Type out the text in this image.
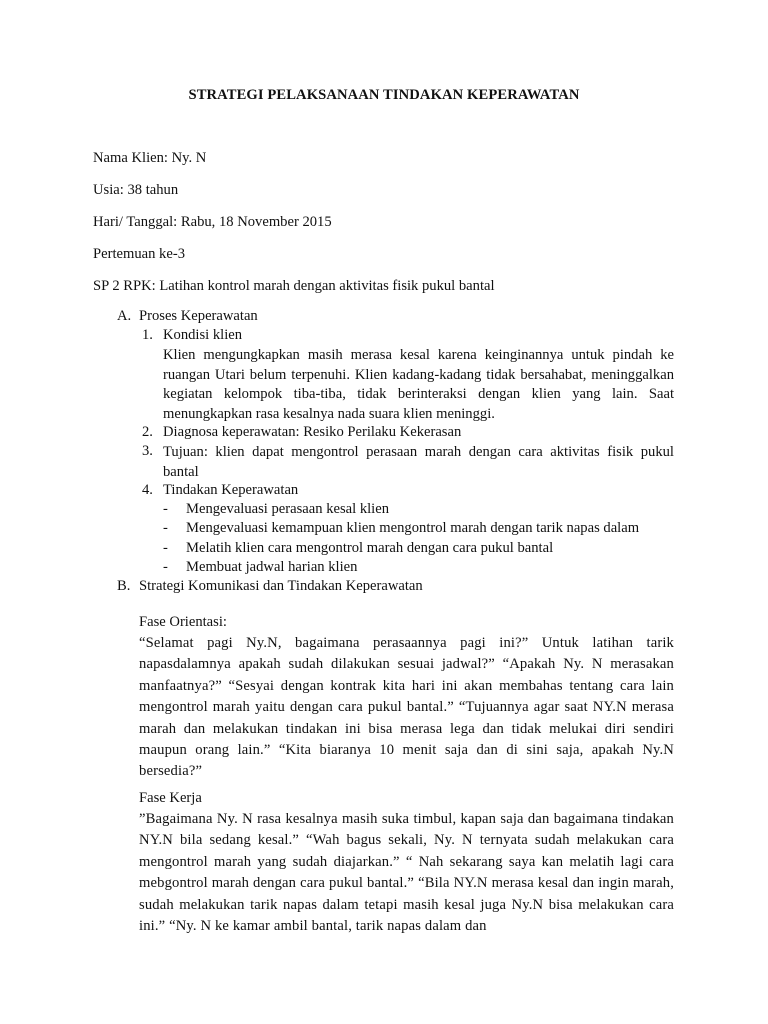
STRATEGI PELAKSANAAN TINDAKAN KEPERAWATAN
Nama Klien: Ny. N
Usia: 38 tahun
Hari/ Tanggal: Rabu, 18 November 2015
Pertemuan ke-3
SP 2 RPK: Latihan kontrol marah dengan aktivitas fisik pukul bantal
A. Proses Keperawatan
1. Kondisi klien
Klien mengungkapkan masih merasa kesal karena keinginannya untuk pindah ke ruangan Utari belum terpenuhi. Klien kadang-kadang tidak bersahabat, meninggalkan kegiatan kelompok tiba-tiba, tidak berinteraksi dengan klien yang lain. Saat menungkapkan rasa kesalnya nada suara klien meninggi.
2. Diagnosa keperawatan: Resiko Perilaku Kekerasan
3. Tujuan: klien dapat mengontrol perasaan marah dengan cara aktivitas fisik pukul bantal
4. Tindakan Keperawatan
- Mengevaluasi perasaan kesal klien
- Mengevaluasi kemampuan klien mengontrol marah dengan tarik napas dalam
- Melatih klien cara mengontrol marah dengan cara pukul bantal
- Membuat jadwal harian klien
B. Strategi Komunikasi dan Tindakan Keperawatan
Fase Orientasi:
“Selamat pagi Ny.N, bagaimana perasaannya pagi ini?” Untuk latihan tarik napasdalamnya apakah sudah dilakukan sesuai jadwal?” “Apakah Ny. N merasakan manfaatnya?” “Sesyai dengan kontrak kita hari ini akan membahas tentang cara lain mengontrol marah yaitu dengan cara pukul bantal.” “Tujuannya agar saat NY.N merasa marah dan melakukan tindakan ini bisa merasa lega dan tidak melukai diri sendiri maupun orang lain.” “Kita biaranya 10 menit saja dan di sini saja, apakah Ny.N bersedia?”
Fase Kerja
”Bagaimana Ny. N rasa kesalnya masih suka timbul, kapan saja dan bagaimana tindakan NY.N bila sedang kesal.” “Wah bagus sekali, Ny. N ternyata sudah melakukan cara mengontrol marah yang sudah diajarkan.” “ Nah sekarang saya kan melatih lagi cara mebgontrol marah dengan cara pukul bantal.” “Bila NY.N merasa kesal dan ingin marah, sudah melakukan tarik napas dalam tetapi masih kesal juga Ny.N bisa melakukan cara ini.” “Ny. N ke kamar ambil bantal, tarik napas dalam dan
